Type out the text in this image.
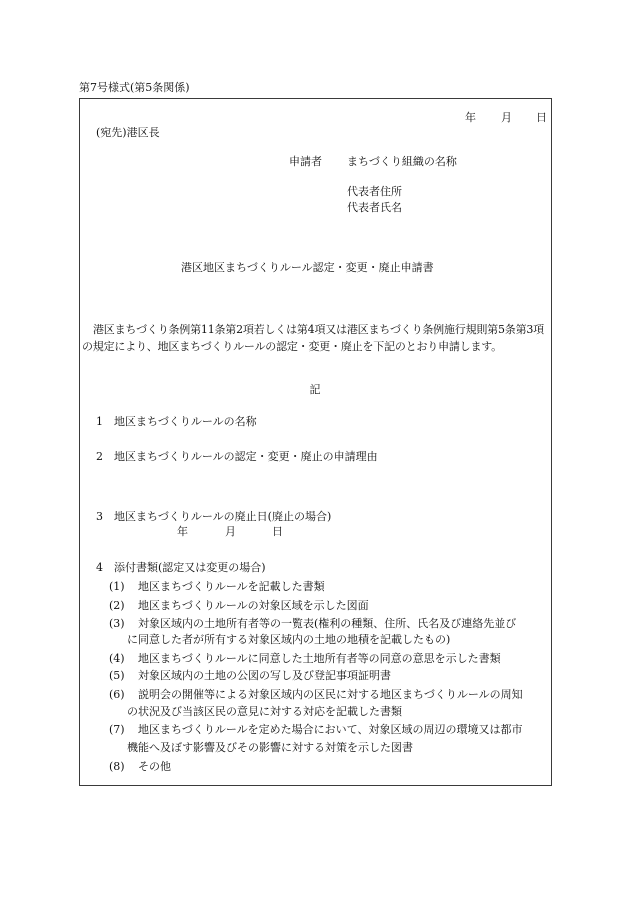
第7号様式(第5条関係)
年 月 日
(宛先)港区長
申請者 まちづくり組織の名称
代表者住所
代表者氏名
港区地区まちづくりルール認定・変更・廃止申請書
港区まちづくり条例第11条第2項若しくは第4項又は港区まちづくり条例施行規則第5条第3項の規定により、地区まちづくりルールの認定・変更・廃止を下記のとおり申請します。
記
1 地区まちづくりルールの名称
2 地区まちづくりルールの認定・変更・廃止の申請理由
3 地区まちづくりルールの廃止日(廃止の場合)
年	月	日
4 添付書類(認定又は変更の場合)
(1) 地区まちづくりルールを記載した書類
(2) 地区まちづくりルールの対象区域を示した図面
(3) 対象区域内の土地所有者等の一覧表(権利の種類、住所、氏名及び連絡先並び
に同意した者が所有する対象区域内の土地の地積を記載したもの)
(4) 地区まちづくりルールに同意した土地所有者等の同意の意思を示した書類
(5) 対象区域内の土地の公図の写し及び登記事項証明書
(6) 説明会の開催等による対象区域内の区民に対する地区まちづくりルールの周知
の状況及び当該区民の意見に対する対応を記載した書類
(7) 地区まちづくりルールを定めた場合において、対象区域の周辺の環境又は都市
機能へ及ぼす影響及びその影響に対する対策を示した図書
(8) その他
